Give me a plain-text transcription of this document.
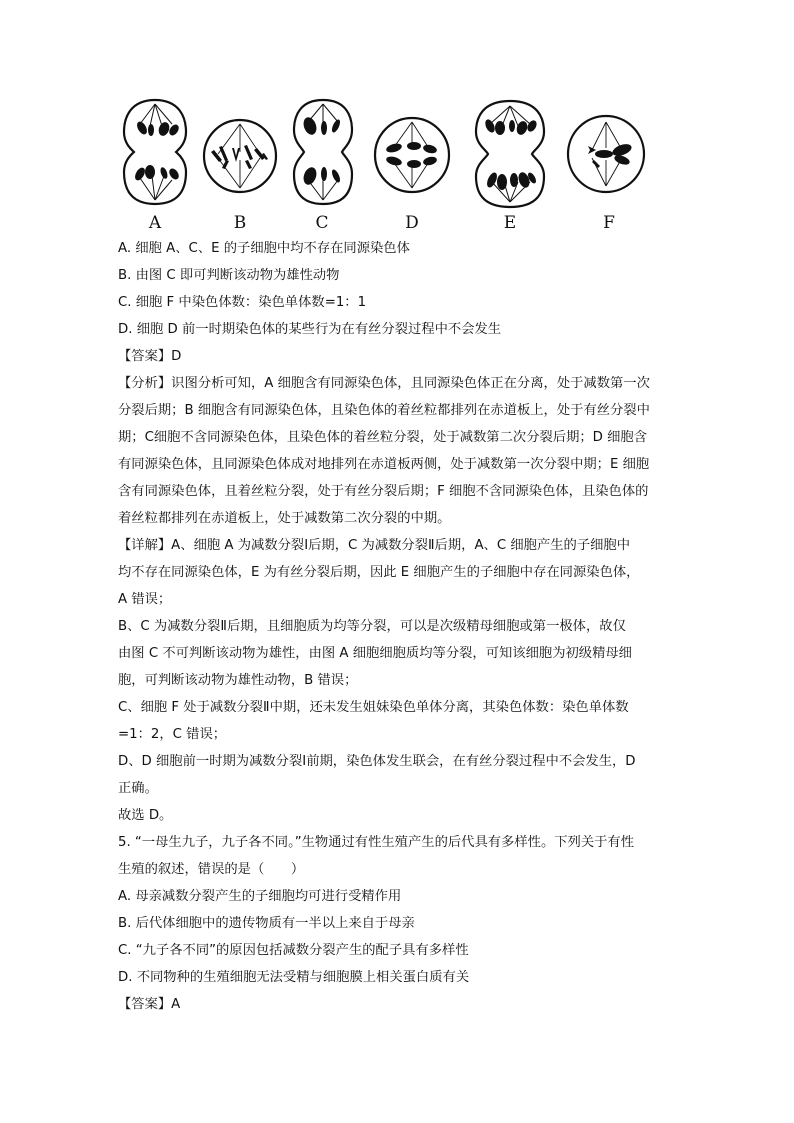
A	B	C	D	E	F
A. 细胞 A、C、E 的子细胞中均不存在同源染色体
B. 由图 C 即可判断该动物为雄性动物
C. 细胞 F 中染色体数：染色单体数=1：1
D. 细胞 D 前一时期染色体的某些行为在有丝分裂过程中不会发生
【答案】D
【分析】识图分析可知，A 细胞含有同源染色体，且同源染色体正在分离，处于减数第一次
分裂后期；B 细胞含有同源染色体，且染色体的着丝粒都排列在赤道板上，处于有丝分裂中
期；C细胞不含同源染色体，且染色体的着丝粒分裂，处于减数第二次分裂后期；D 细胞含
有同源染色体，且同源染色体成对地排列在赤道板两侧，处于减数第一次分裂中期；E 细胞
含有同源染色体，且着丝粒分裂，处于有丝分裂后期；F 细胞不含同源染色体，且染色体的
着丝粒都排列在赤道板上，处于减数第二次分裂的中期。
【详解】A、细胞 A 为减数分裂Ⅰ后期，C 为减数分裂Ⅱ后期，A、C 细胞产生的子细胞中
均不存在同源染色体，E 为有丝分裂后期，因此 E 细胞产生的子细胞中存在同源染色体，
A 错误；
B、C 为减数分裂Ⅱ后期，且细胞质为均等分裂，可以是次级精母细胞或第一极体，故仅
由图 C 不可判断该动物为雄性，由图 A 细胞细胞质均等分裂，可知该细胞为初级精母细
胞，可判断该动物为雄性动物，B 错误；
C、细胞 F 处于减数分裂Ⅱ中期，还未发生姐妹染色单体分离，其染色体数：染色单体数
=1：2，C 错误；
D、D 细胞前一时期为减数分裂Ⅰ前期，染色体发生联会，在有丝分裂过程中不会发生，D
正确。
故选 D。
5. “一母生九子，九子各不同。”生物通过有性生殖产生的后代具有多样性。下列关于有性
生殖的叙述，错误的是（　　）
A. 母亲减数分裂产生的子细胞均可进行受精作用
B. 后代体细胞中的遗传物质有一半以上来自于母亲
C. “九子各不同”的原因包括减数分裂产生的配子具有多样性
D. 不同物种的生殖细胞无法受精与细胞膜上相关蛋白质有关
【答案】A
